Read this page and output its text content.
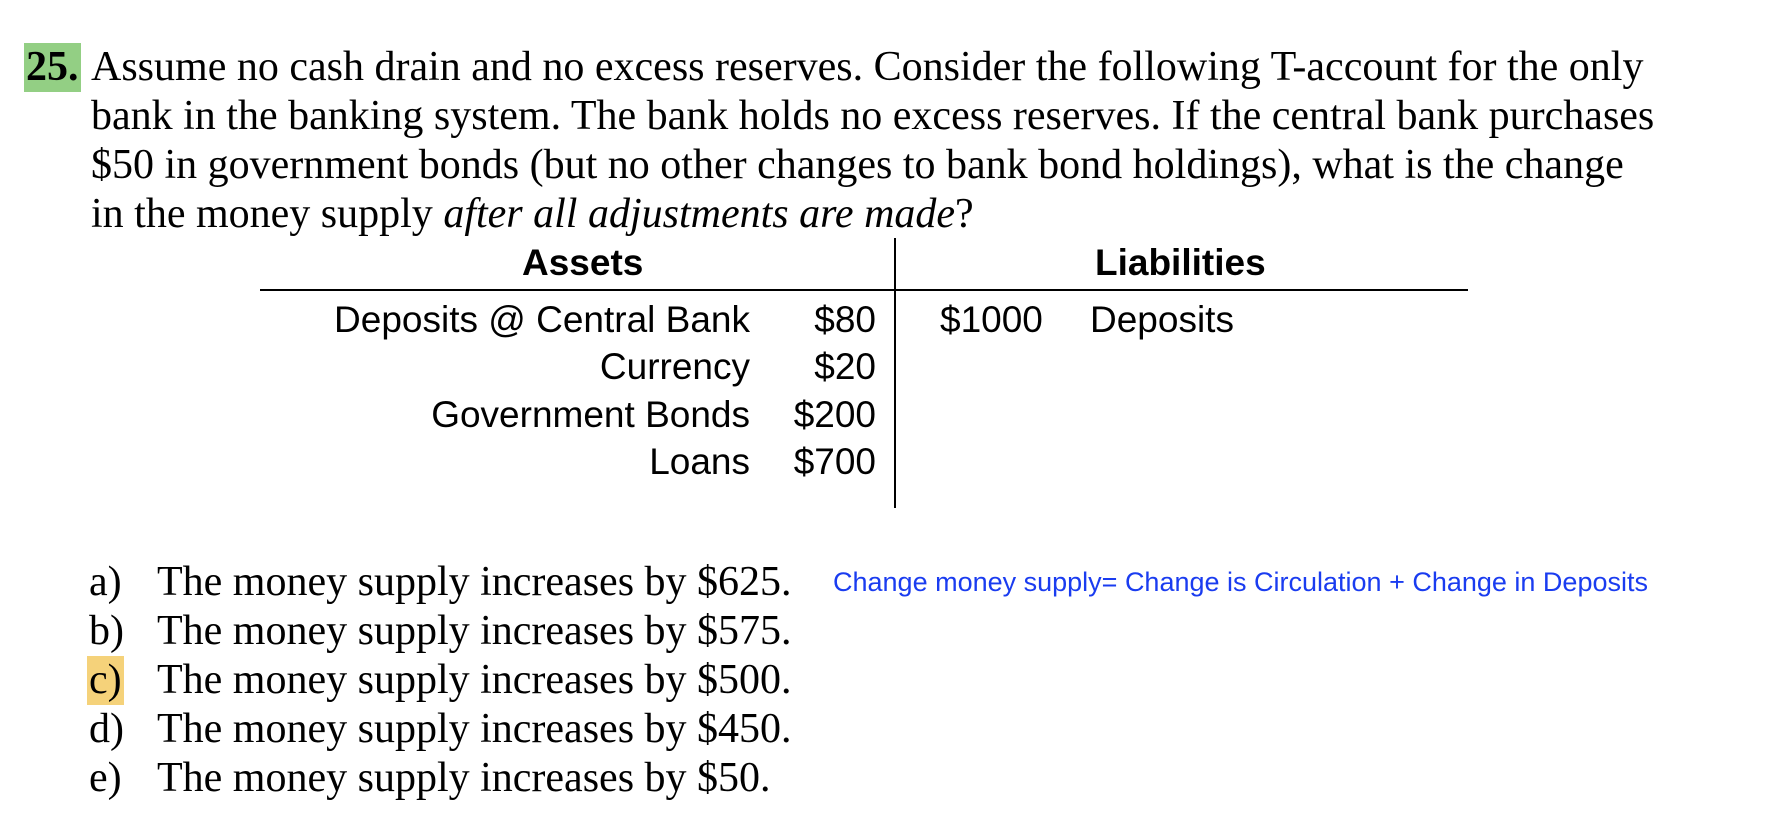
25. Assume no cash drain and no excess reserves. Consider the following T-account for the only
bank in the banking system. The bank holds no excess reserves. If the central bank purchases
$50 in government bonds (but no other changes to bank bond holdings), what is the change
in the money supply after all adjustments are made?
Assets	Liabilities
Deposits @ Central Bank $80
Currency $20
Government Bonds $200
Loans $700
$1000 Deposits
a) The money supply increases by $625.
b) The money supply increases by $575.
c) The money supply increases by $500.
d) The money supply increases by $450.
e) The money supply increases by $50.
Change money supply= Change is Circulation + Change in Deposits
